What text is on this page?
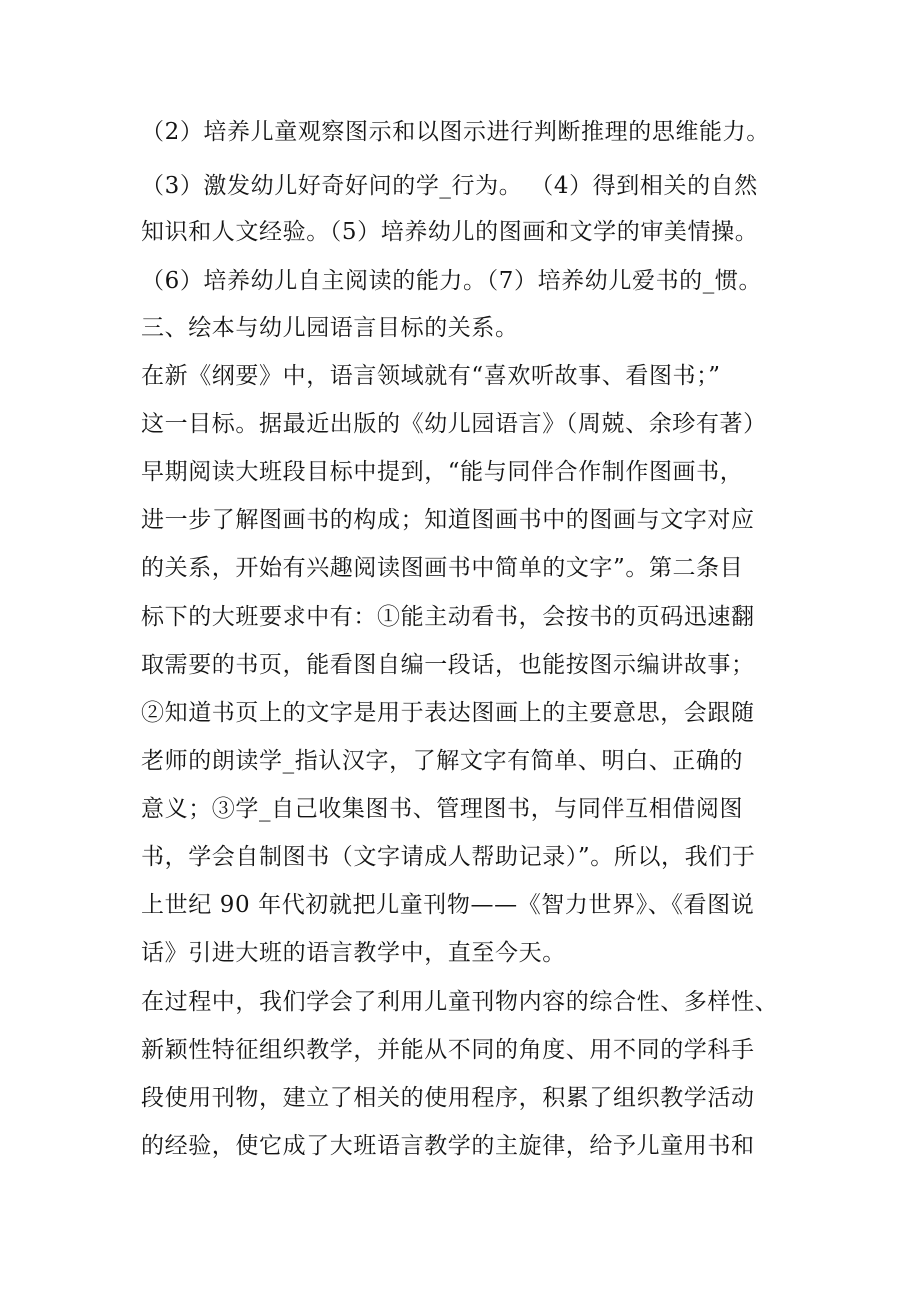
（2）培养儿童观察图示和以图示进行判断推理的思维能力。
（3）激发幼儿好奇好问的学_行为。 （4）得到相关的自然
知识和人文经验。（5）培养幼儿的图画和文学的审美情操。
（6）培养幼儿自主阅读的能力。（7）培养幼儿爱书的_惯。
三、绘本与幼儿园语言目标的关系。
在新《纲要》中，语言领域就有“喜欢听故事、看图书；”
这一目标。据最近出版的《幼儿园语言》（周兢、余珍有著）
早期阅读大班段目标中提到，“能与同伴合作制作图画书，
进一步了解图画书的构成；知道图画书中的图画与文字对应
的关系，开始有兴趣阅读图画书中简单的文字”。第二条目
标下的大班要求中有：①能主动看书，会按书的页码迅速翻
取需要的书页，能看图自编一段话，也能按图示编讲故事；
②知道书页上的文字是用于表达图画上的主要意思，会跟随
老师的朗读学_指认汉字，了解文字有简单、明白、正确的
意义；③学_自己收集图书、管理图书，与同伴互相借阅图
书，学会自制图书（文字请成人帮助记录）”。所以，我们于
上世纪 90 年代初就把儿童刊物——《智力世界》、《看图说
话》引进大班的语言教学中，直至今天。
在过程中，我们学会了利用儿童刊物内容的综合性、多样性、
新颖性特征组织教学，并能从不同的角度、用不同的学科手
段使用刊物，建立了相关的使用程序，积累了组织教学活动
的经验，使它成了大班语言教学的主旋律，给予儿童用书和
